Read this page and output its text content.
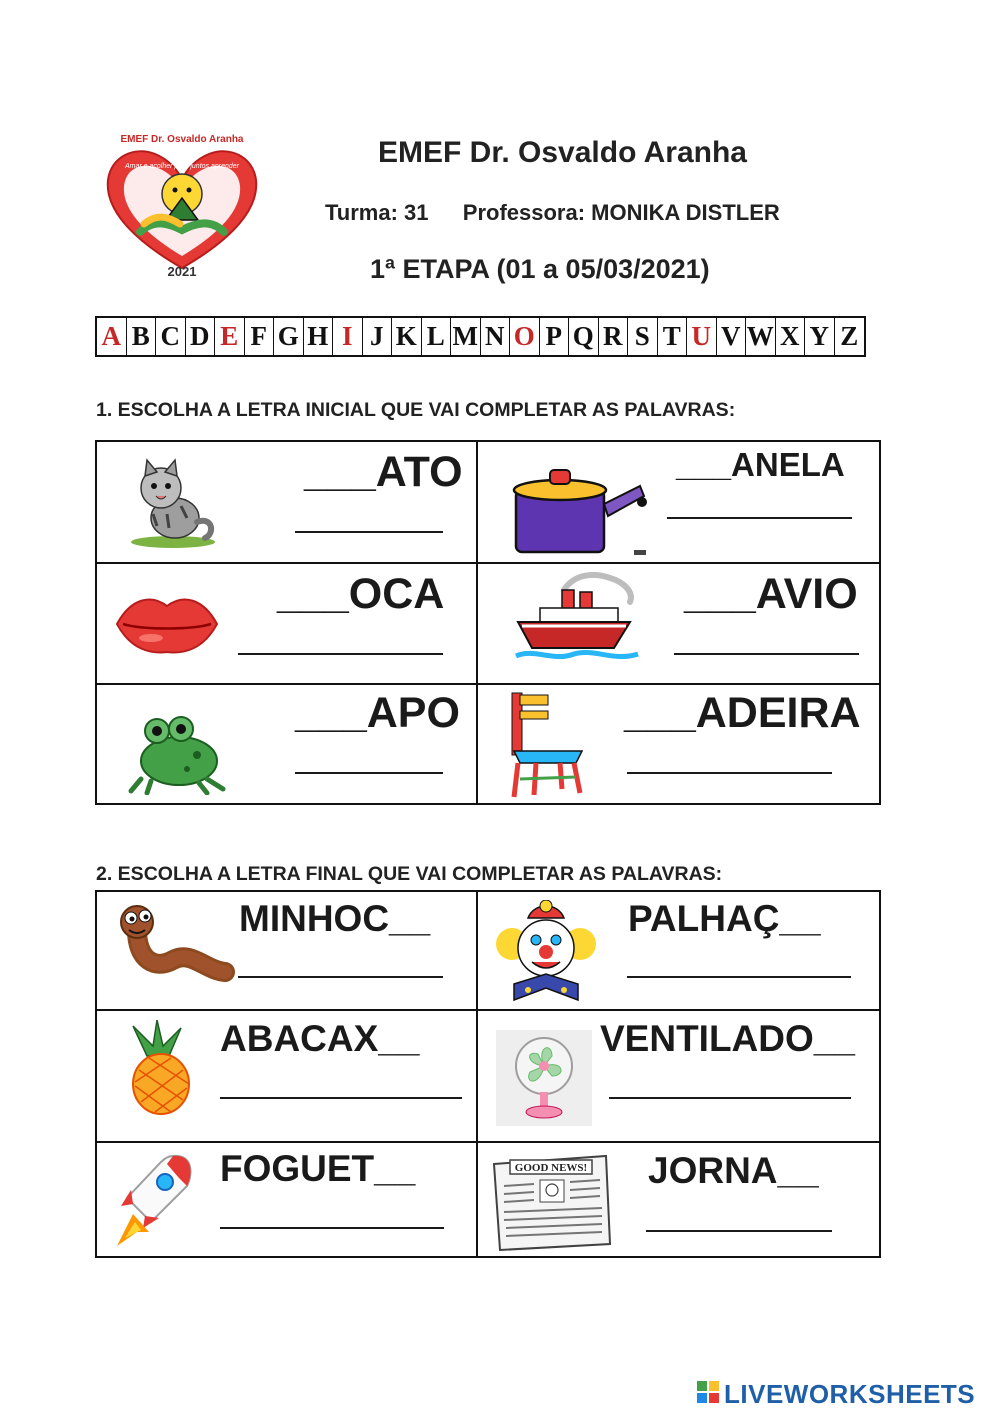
EMEF Dr. Osvaldo Aranha
2021
Amar e acolher para juntos aprender	EMEF Dr. Osvaldo Aranha
Turma: 31 Professora: MONIKA DISTLER
1ª ETAPA (01 a 05/03/2021)
A B C D E F G H I J K L M N O P Q R S T U V W X Y Z
1. ESCOLHA A LETRA INICIAL QUE VAI COMPLETAR AS PALAVRAS:
___ATO	___ANELA
___OCA	___AVIO
___APO	___ADEIRA
2. ESCOLHA A LETRA FINAL QUE VAI COMPLETAR AS PALAVRAS:
MINHOC__	PALHAÇ__
ABACAX__	VENTILADO__
FOGUET__	GOOD NEWS! JORNA__
LIVEWORKSHEETS
